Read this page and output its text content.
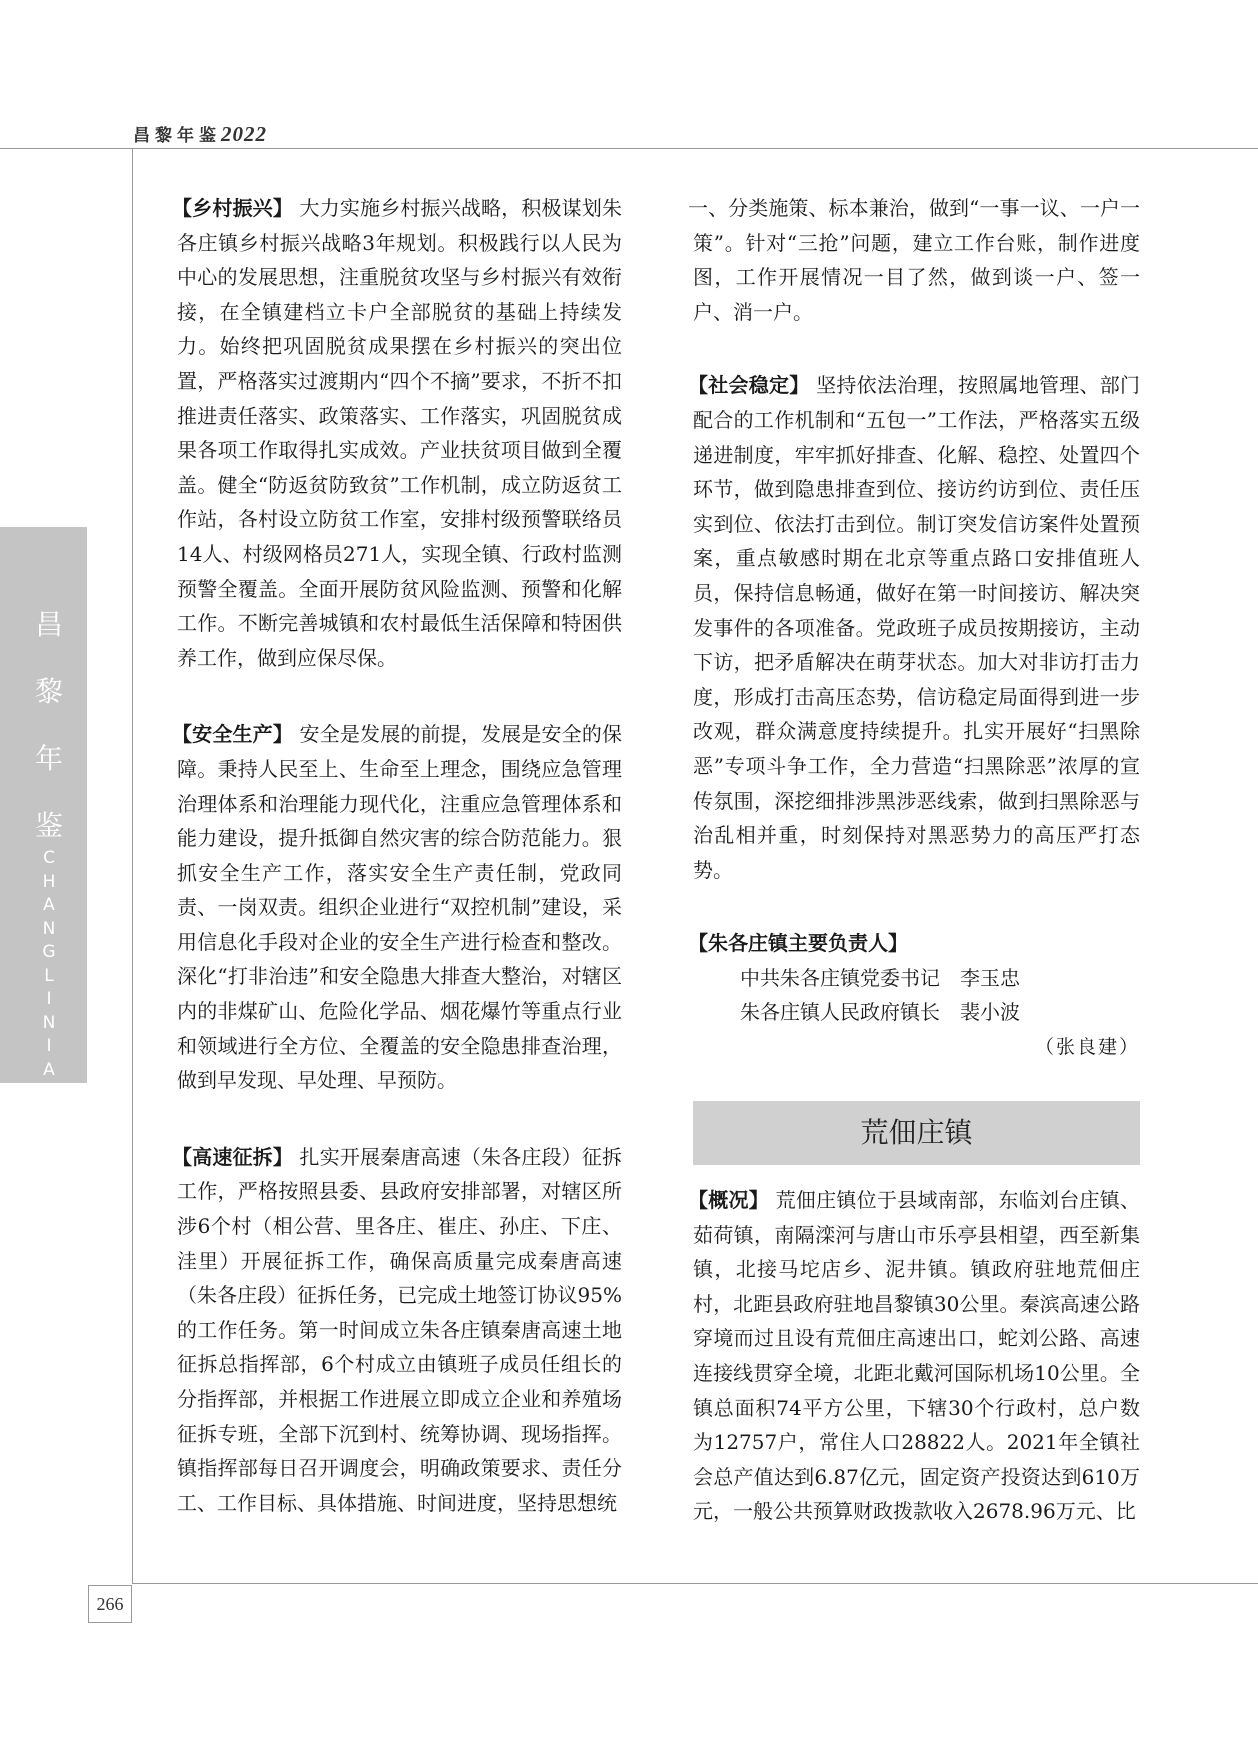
昌黎年鉴2022
昌
黎
年
鉴
C
H
A
N
G
L
I
N
I
A
N
J
I
A
N

【乡村振兴】 大力实施乡村振兴战略，积极谋划朱各庄镇乡村振兴战略3年规划。积极践行以人民为中心的发展思想，注重脱贫攻坚与乡村振兴有效衔接，在全镇建档立卡户全部脱贫的基础上持续发力。始终把巩固脱贫成果摆在乡村振兴的突出位置，严格落实过渡期内“四个不摘”要求，不折不扣推进责任落实、政策落实、工作落实，巩固脱贫成果各项工作取得扎实成效。产业扶贫项目做到全覆盖。健全“防返贫防致贫”工作机制，成立防返贫工作站，各村设立防贫工作室，安排村级预警联络员14人、村级网格员271人，实现全镇、行政村监测预警全覆盖。全面开展防贫风险监测、预警和化解工作。不断完善城镇和农村最低生活保障和特困供养工作，做到应保尽保。

【安全生产】 安全是发展的前提，发展是安全的保障。秉持人民至上、生命至上理念，围绕应急管理治理体系和治理能力现代化，注重应急管理体系和能力建设，提升抵御自然灾害的综合防范能力。狠抓安全生产工作，落实安全生产责任制，党政同责、一岗双责。组织企业进行“双控机制”建设，采用信息化手段对企业的安全生产进行检查和整改。深化“打非治违”和安全隐患大排查大整治，对辖区内的非煤矿山、危险化学品、烟花爆竹等重点行业和领域进行全方位、全覆盖的安全隐患排查治理，做到早发现、早处理、早预防。

【高速征拆】 扎实开展秦唐高速（朱各庄段）征拆工作，严格按照县委、县政府安排部署，对辖区所涉6个村（相公营、里各庄、崔庄、孙庄、下庄、洼里）开展征拆工作，确保高质量完成秦唐高速（朱各庄段）征拆任务，已完成土地签订协议95%的工作任务。第一时间成立朱各庄镇秦唐高速土地征拆总指挥部，6个村成立由镇班子成员任组长的分指挥部，并根据工作进展立即成立企业和养殖场征拆专班，全部下沉到村、统筹协调、现场指挥。镇指挥部每日召开调度会，明确政策要求、责任分工、工作目标、具体措施、时间进度，坚持思想统

一、分类施策、标本兼治，做到“一事一议、一户一策”。针对“三抢”问题，建立工作台账，制作进度图，工作开展情况一目了然，做到谈一户、签一户、消一户。

【社会稳定】 坚持依法治理，按照属地管理、部门配合的工作机制和“五包一”工作法，严格落实五级递进制度，牢牢抓好排查、化解、稳控、处置四个环节，做到隐患排查到位、接访约访到位、责任压实到位、依法打击到位。制订突发信访案件处置预案，重点敏感时期在北京等重点路口安排值班人员，保持信息畅通，做好在第一时间接访、解决突发事件的各项准备。党政班子成员按期接访，主动下访，把矛盾解决在萌芽状态。加大对非访打击力度，形成打击高压态势，信访稳定局面得到进一步改观，群众满意度持续提升。扎实开展好“扫黑除恶”专项斗争工作，全力营造“扫黑除恶”浓厚的宣传氛围，深挖细排涉黑涉恶线索，做到扫黑除恶与治乱相并重，时刻保持对黑恶势力的高压严打态势。

【朱各庄镇主要负责人】
中共朱各庄镇党委书记　李玉忠
朱各庄镇人民政府镇长　裴小波
（张良建）
荒佃庄镇

【概况】 荒佃庄镇位于县域南部，东临刘台庄镇、茹荷镇，南隔滦河与唐山市乐亭县相望，西至新集镇，北接马坨店乡、泥井镇。镇政府驻地荒佃庄村，北距县政府驻地昌黎镇30公里。秦滨高速公路穿境而过且设有荒佃庄高速出口，蛇刘公路、高速连接线贯穿全境，北距北戴河国际机场10公里。全镇总面积74平方公里，下辖30个行政村，总户数为12757户，常住人口28822人。2021年全镇社会总产值达到6.87亿元，固定资产投资达到610万元，一般公共预算财政拨款收入2678.96万元、比

266
